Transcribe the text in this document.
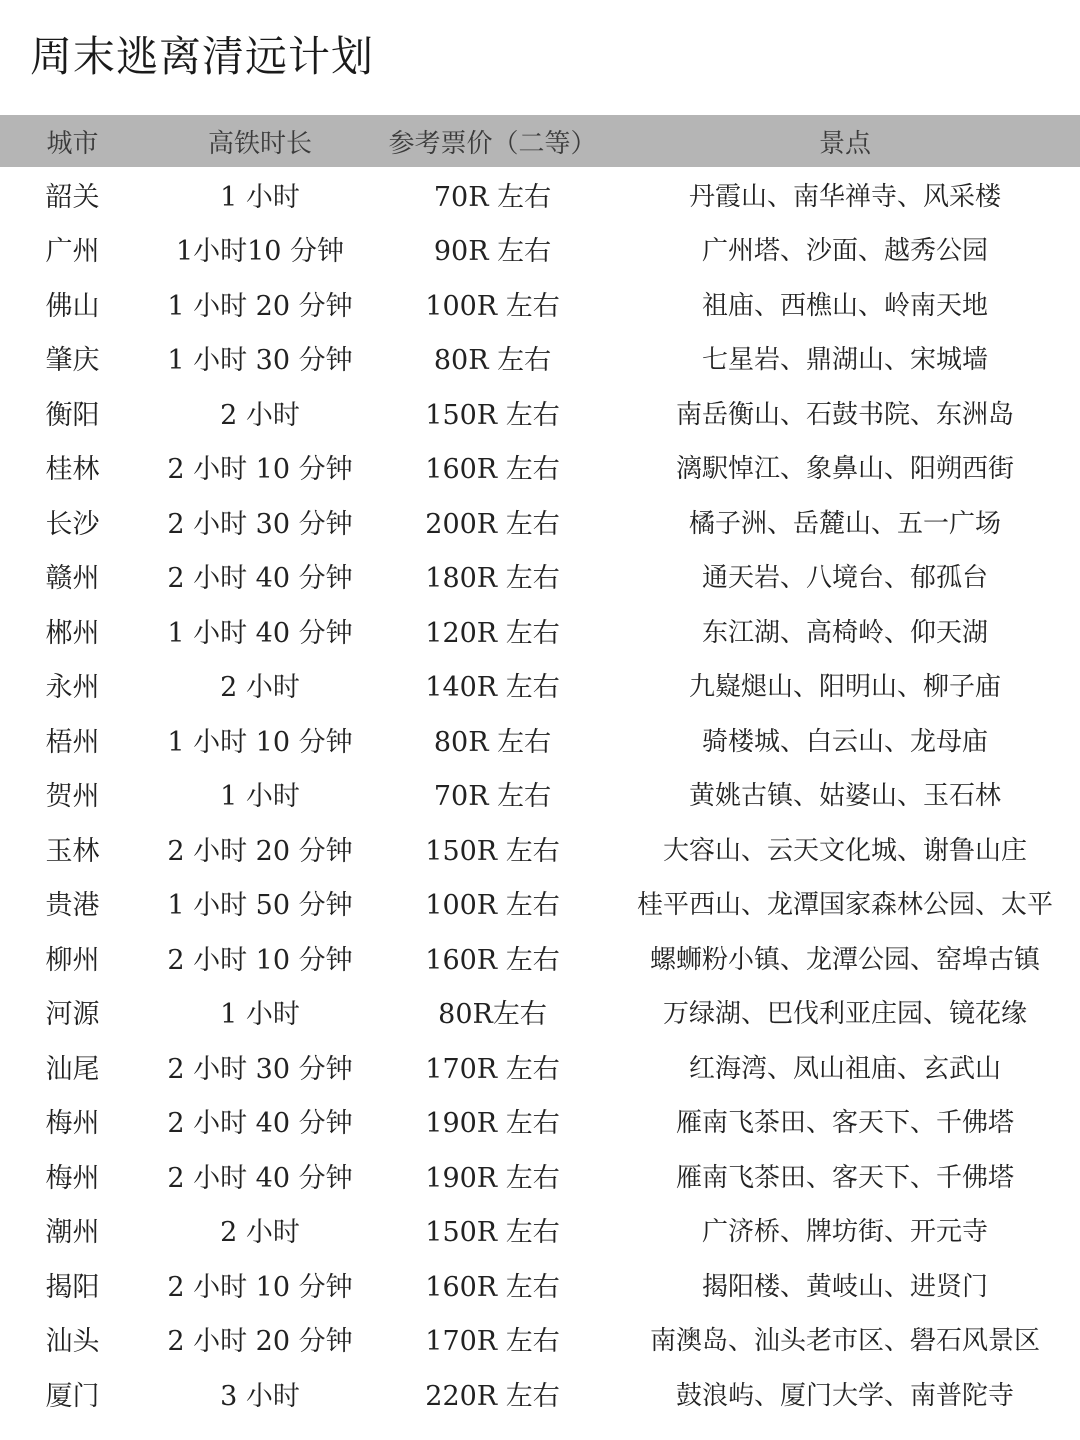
周末逃离清远计划
城市	高铁时长	参考票价（二等）	景点
韶关	1 小时	70R 左右	丹霞山、南华禅寺、风采楼
广州	1小时10 分钟	90R 左右	广州塔、沙面、越秀公园
佛山	1 小时 20 分钟	100R 左右	祖庙、西樵山、岭南天地
肇庆	1 小时 30 分钟	80R 左右	七星岩、鼎湖山、宋城墙
衡阳	2 小时	150R 左右	南岳衡山、石鼓书院、东洲岛
桂林	2 小时 10 分钟	160R 左右	漓駅悼江、象鼻山、阳朔西街
长沙	2 小时 30 分钟	200R 左右	橘子洲、岳麓山、五一广场
赣州	2 小时 40 分钟	180R 左右	通天岩、八境台、郁孤台
郴州	1 小时 40 分钟	120R 左右	东江湖、高椅岭、仰天湖
永州	2 小时	140R 左右	九嶷煺山、阳明山、柳子庙
梧州	1 小时 10 分钟	80R 左右	骑楼城、白云山、龙母庙
贺州	1 小时	70R 左右	黄姚古镇、姑婆山、玉石林
玉林	2 小时 20 分钟	150R 左右	大容山、云天文化城、谢鲁山庄
贵港	1 小时 50 分钟	100R 左右	桂平西山、龙潭国家森林公园、太平
柳州	2 小时 10 分钟	160R 左右	螺蛳粉小镇、龙潭公园、窑埠古镇
河源	1 小时	80R左右	万绿湖、巴伐利亚庄园、镜花缘
汕尾	2 小时 30 分钟	170R 左右	红海湾、凤山祖庙、玄武山
梅州	2 小时 40 分钟	190R 左右	雁南飞茶田、客天下、千佛塔
梅州	2 小时 40 分钟	190R 左右	雁南飞茶田、客天下、千佛塔
潮州	2 小时	150R 左右	广济桥、牌坊街、开元寺
揭阳	2 小时 10 分钟	160R 左右	揭阳楼、黄岐山、进贤门
汕头	2 小时 20 分钟	170R 左右	南澳岛、汕头老市区、礐石风景区
厦门	3 小时	220R 左右	鼓浪屿、厦门大学、南普陀寺
